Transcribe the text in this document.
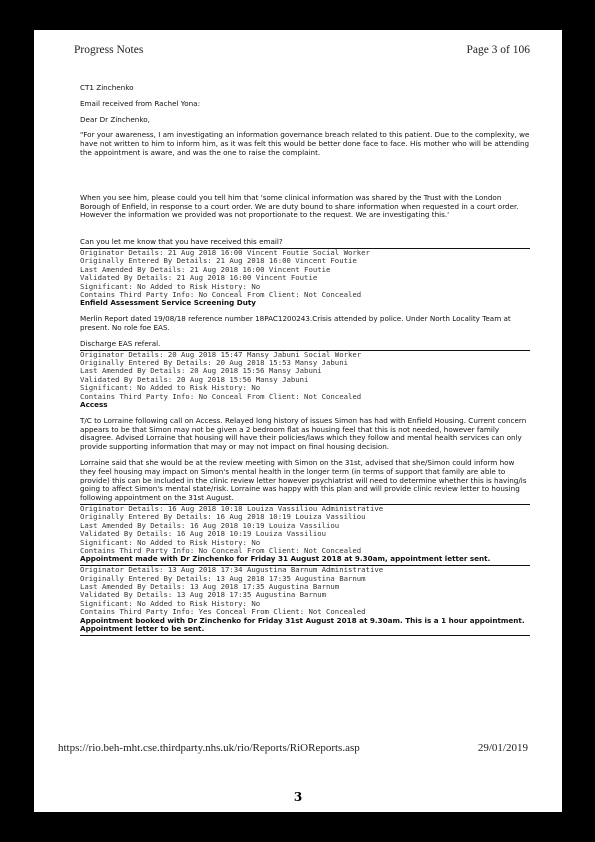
Progress Notes	Page 3 of 106

CT1 Zinchenko

Email received from Rachel Yona:

Dear Dr Zinchenko,

"For your awareness, I am investigating an information governance breach related to this patient. Due to the complexity, we have not written to him to inform him, as it was felt this would be better done face to face. His mother who will be attending the appointment is aware, and was the one to raise the complaint.

When you see him, please could you tell him that 'some clinical information was shared by the Trust with the London Borough of Enfield, in response to a court order. We are duty bound to share information when requested in a court order. However the information we provided was not proportionate to the request. We are investigating this.'

Can you let me know that you have received this email?

Originator Details: 21 Aug 2018 16:00 Vincent Foutie Social Worker
Originally Entered By Details: 21 Aug 2018 16:00 Vincent Foutie
Last Amended By Details: 21 Aug 2018 16:00 Vincent Foutie
Validated By Details: 21 Aug 2018 16:00 Vincent Foutie
Significant: No Added to Risk History: No
Contains Third Party Info: No Conceal From Client: Not Concealed

Enfield Assessment Service Screening Duty

Merlin Report dated 19/08/18 reference number 18PAC1200243.Crisis attended by police. Under North Locality Team at present. No role foe EAS.

Discharge EAS referal.

Originator Details: 20 Aug 2018 15:47 Mansy Jabuni Social Worker
Originally Entered By Details: 20 Aug 2018 15:53 Mansy Jabuni
Last Amended By Details: 20 Aug 2018 15:56 Mansy Jabuni
Validated By Details: 20 Aug 2018 15:56 Mansy Jabuni
Significant: No Added to Risk History: No
Contains Third Party Info: No Conceal From Client: Not Concealed

Access

T/C to Lorraine following call on Access. Relayed long history of issues Simon has had with Enfield Housing. Current concern appears to be that Simon may not be given a 2 bedroom flat as housing feel that this is not needed, however family disagree. Advised Lorraine that housing will have their policies/laws which they follow and mental health services can only provide supporting information that may or may not impact on final housing decision.

Lorraine said that she would be at the review meeting with Simon on the 31st, advised that she/Simon could inform how they feel housing may impact on Simon's mental health in the longer term (in terms of support that family are able to provide) this can be included in the clinic review letter however psychiatrist will need to determine whether this is having/is going to affect Simon's mental state/risk. Lorraine was happy with this plan and will provide clinic review letter to housing following appointment on the 31st August.

Originator Details: 16 Aug 2018 10:18 Louiza Vassiliou Administrative
Originally Entered By Details: 16 Aug 2018 10:19 Louiza Vassiliou
Last Amended By Details: 16 Aug 2018 10:19 Louiza Vassiliou
Validated By Details: 16 Aug 2018 10:19 Louiza Vassiliou
Significant: No Added to Risk History: No
Contains Third Party Info: No Conceal From Client: Not Concealed

Appointment made with Dr Zinchenko for Friday 31 August 2018 at 9.30am, appointment letter sent.

Originator Details: 13 Aug 2018 17:34 Augustina Barnum Administrative
Originally Entered By Details: 13 Aug 2018 17:35 Augustina Barnum
Last Amended By Details: 13 Aug 2018 17:35 Augustina Barnum
Validated By Details: 13 Aug 2018 17:35 Augustina Barnum
Significant: No Added to Risk History: No
Contains Third Party Info: Yes Conceal From Client: Not Concealed

Appointment booked with Dr Zinchenko for Friday 31st August 2018 at 9.30am. This is a 1 hour appointment. Appointment letter to be sent.

https://rio.beh-mht.cse.thirdparty.nhs.uk/rio/Reports/RiOReports.asp	29/01/2019
3
